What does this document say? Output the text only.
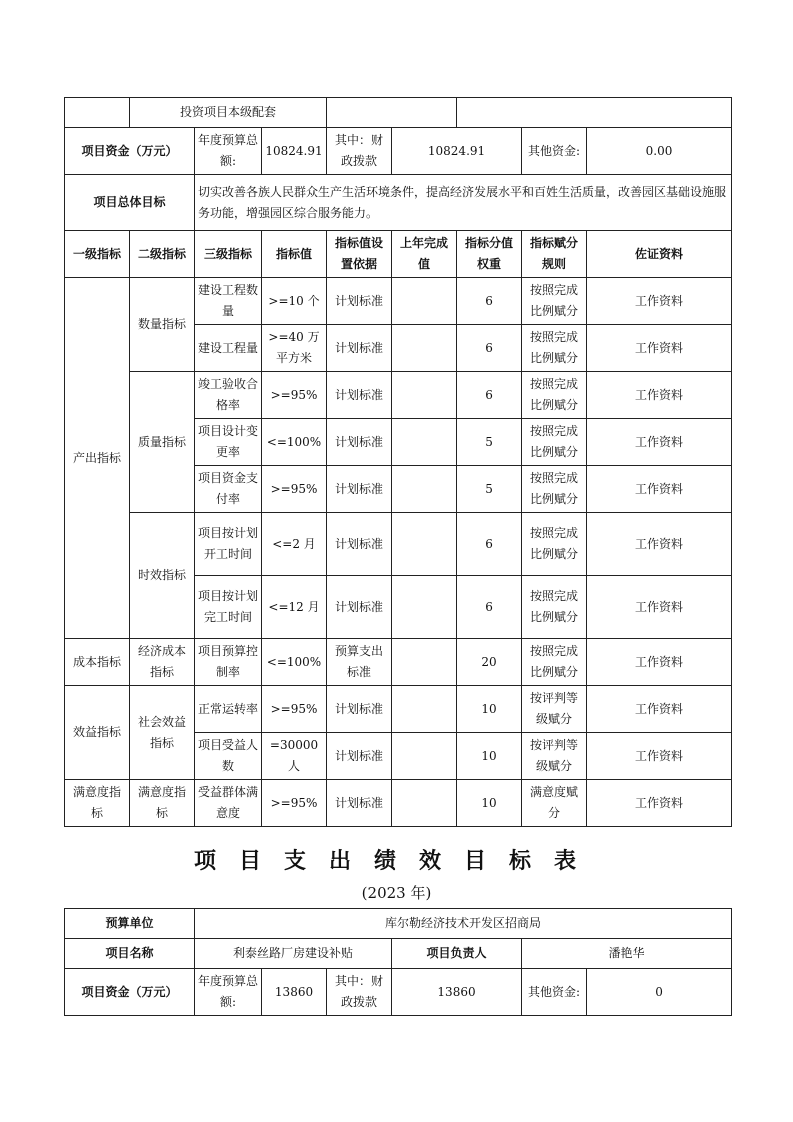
	投资项目本级配套							
项目资金（万元）		年度预算总额:	10824.91	其中：财政拨款	10824.91		其他资金:	0.00
项目总体目标		切实改善各族人民群众生产生活环境条件，提高经济发展水平和百姓生活质量，改善园区基础设施服务功能，增强园区综合服务能力。						
一级指标	二级指标	三级指标	指标值	指标值设置依据	上年完成值	指标分值权重	指标赋分规则	佐证资料
产出指标	数量指标	建设工程数量	>=10 个	计划标准		6	按照完成比例赋分	工作资料
		建设工程量	>=40 万平方米	计划标准		6	按照完成比例赋分	工作资料
	质量指标	竣工验收合格率	>=95%	计划标准		6	按照完成比例赋分	工作资料
		项目设计变更率	<=100%	计划标准		5	按照完成比例赋分	工作资料
		项目资金支付率	>=95%	计划标准		5	按照完成比例赋分	工作资料
	时效指标	项目按计划开工时间	<=2 月	计划标准		6	按照完成比例赋分	工作资料
		项目按计划完工时间	<=12 月	计划标准		6	按照完成比例赋分	工作资料
成本指标	经济成本指标	项目预算控制率	<=100%	预算支出标准		20	按照完成比例赋分	工作资料
效益指标	社会效益指标	正常运转率	>=95%	计划标准		10	按评判等级赋分	工作资料
		项目受益人数	=30000 人	计划标准		10	按评判等级赋分	工作资料
满意度指标	满意度指标	受益群体满意度	>=95%	计划标准		10	满意度赋分	工作资料
项目支出绩效目标表
(2023 年)
预算单位	库尔勒经济技术开发区招商局					
项目名称	利泰丝路厂房建设补贴			项目负责人	潘艳华	
项目资金（万元）	年度预算总额:	13860	其中：财政拨款	13860	其他资金:	0
